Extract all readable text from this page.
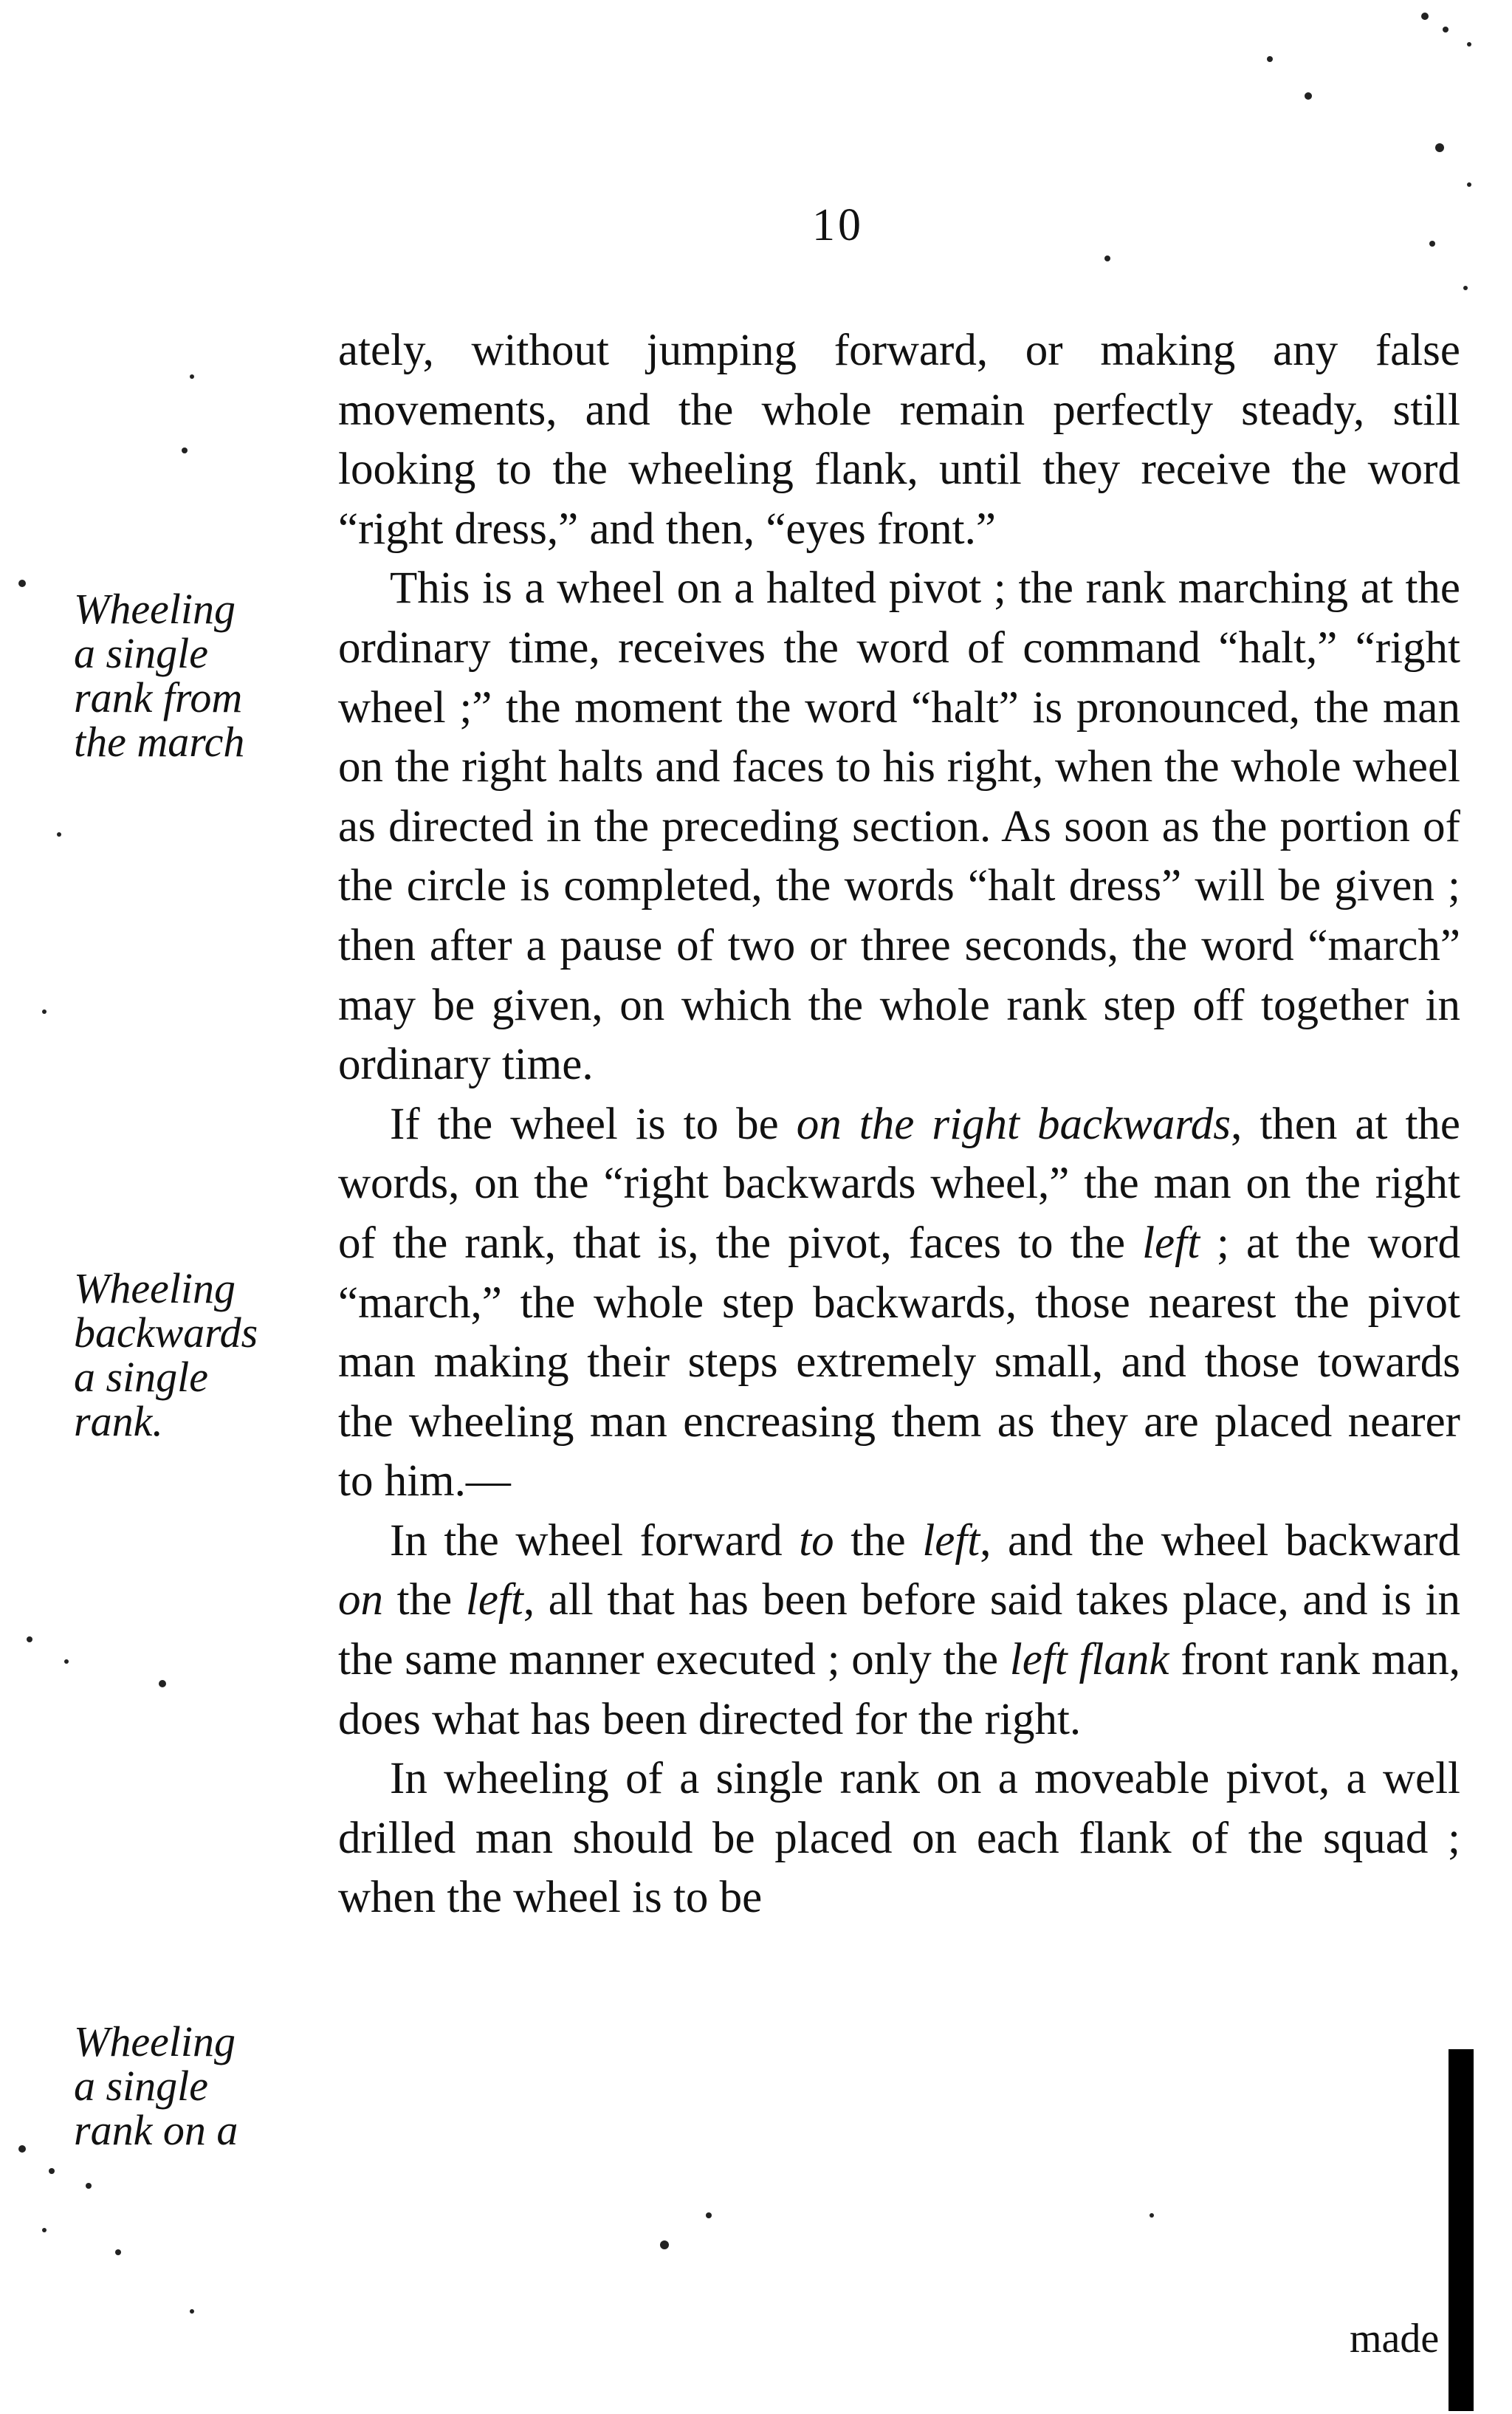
10
Wheeling
a single
rank from
the march
Wheeling
backwards
a single
rank.
Wheeling
a single
rank on a

ately, without jumping forward, or making any false movements, and the whole remain perfectly steady, still looking to the wheeling flank, until they receive the word “right dress,” and then, “eyes front.”

This is a wheel on a halted pivot ; the rank marching at the ordinary time, receives the word of command “halt,” “right wheel ;” the moment the word “halt” is pronounced, the man on the right halts and faces to his right, when the whole wheel as directed in the preceding section. As soon as the portion of the circle is completed, the words “halt dress” will be given ; then after a pause of two or three seconds, the word “march” may be given, on which the whole rank step off together in ordinary time.

If the wheel is to be on the right backwards, then at the words, on the “right backwards wheel,” the man on the right of the rank, that is, the pivot, faces to the left ; at the word “march,” the whole step backwards, those nearest the pivot man making their steps extremely small, and those towards the wheeling man encreasing them as they are placed nearer to him.—

In the wheel forward to the left, and the wheel backward on the left, all that has been before said takes place, and is in the same manner executed ; only the left flank front rank man, does what has been directed for the right.

In wheeling of a single rank on a moveable pivot, a well drilled man should be placed on each flank of the squad ; when the wheel is to be

made
